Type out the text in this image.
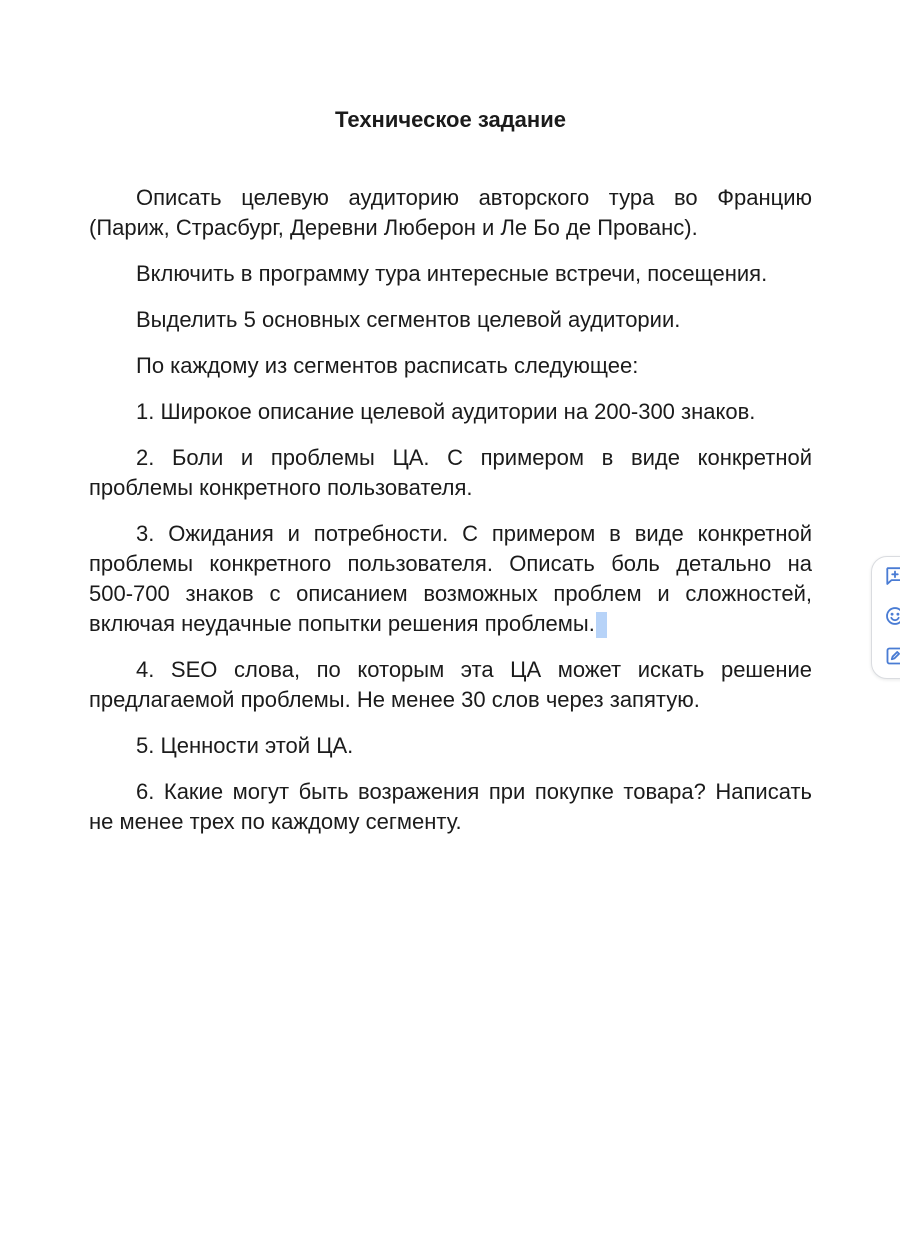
Техническое задание
Описать целевую аудиторию авторского тура во Францию
(Париж, Страсбург, Деревни Люберон и Ле Бо де Прованс).
Включить в программу тура интересные встречи, посещения.
Выделить 5 основных сегментов целевой аудитории.
По каждому из сегментов расписать следующее:
1. Широкое описание целевой аудитории на 200-300 знаков.
2. Боли и проблемы ЦА. С примером в виде конкретной
проблемы конкретного пользователя.
3. Ожидания и потребности. С примером в виде конкретной
проблемы конкретного пользователя. Описать боль детально на
500-700 знаков с описанием возможных проблем и сложностей,
включая неудачные попытки решения проблемы.
4. SEO слова, по которым эта ЦА может искать решение
предлагаемой проблемы. Не менее 30 слов через запятую.
5. Ценности этой ЦА.
6. Какие могут быть возражения при покупке товара? Написать
не менее трех по каждому сегменту.
